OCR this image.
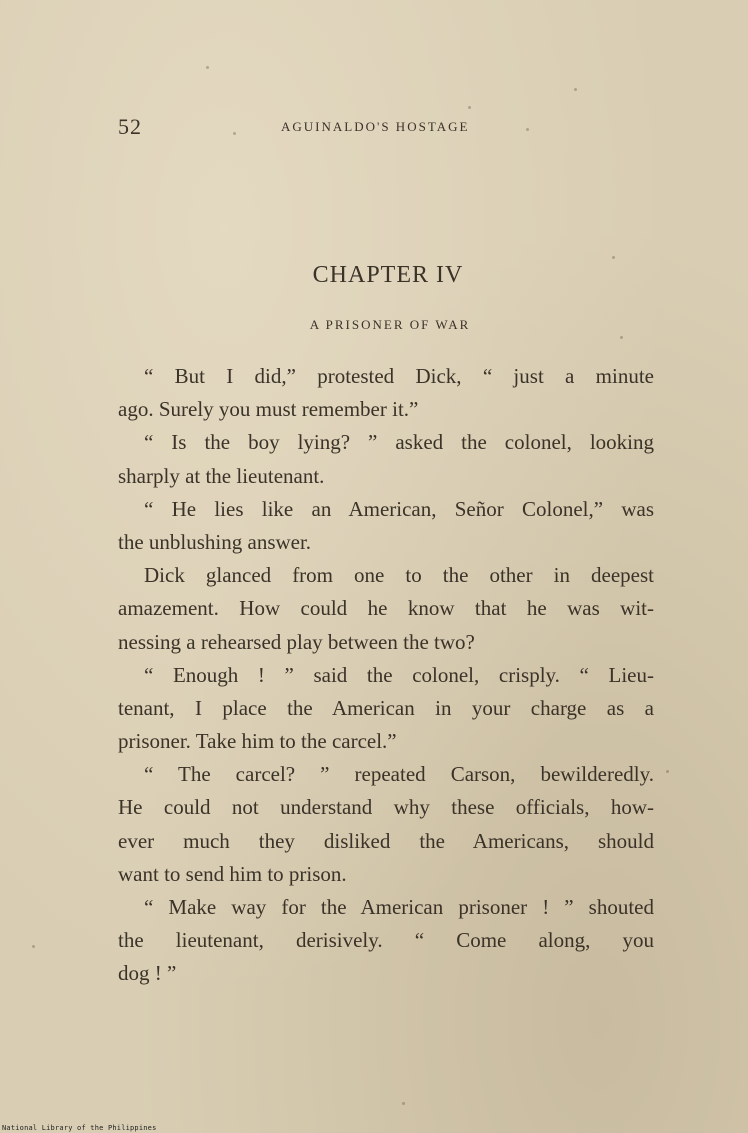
52	AGUINALDO'S HOSTAGE
CHAPTER IV
A PRISONER OF WAR
“ But I did,” protested Dick, “ just a minute
ago. Surely you must remember it.”
“ Is the boy lying? ” asked the colonel, looking
sharply at the lieutenant.
“ He lies like an American, Señor Colonel,” was
the unblushing answer.
Dick glanced from one to the other in deepest
amazement. How could he know that he was wit-
nessing a rehearsed play between the two?
“ Enough ! ” said the colonel, crisply. “ Lieu-
tenant, I place the American in your charge as a
prisoner. Take him to the carcel.”
“ The carcel? ” repeated Carson, bewilderedly.
He could not understand why these officials, how-
ever much they disliked the Americans, should
want to send him to prison.
“ Make way for the American prisoner ! ” shouted
the lieutenant, derisively. “ Come along, you
dog ! ”
National Library of the Philippines
